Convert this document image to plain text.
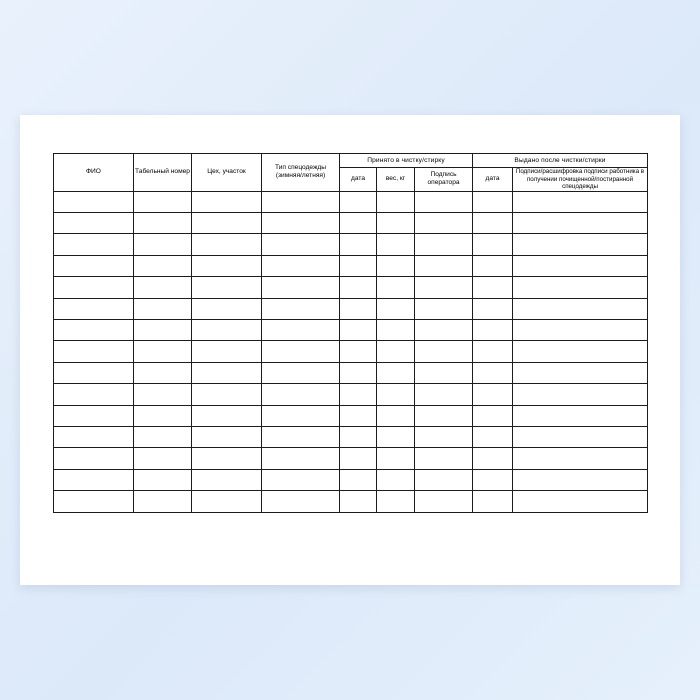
ФИО	Табельный номер	Цех, участок	Тип спецодежды (зимняя/летняя)	Принято в чистку/стирку			Выдано после чистки/стирки	
				дата	вес, кг	Подпись оператора	дата	Подписи/расшифровка подписи работника в получении почищенной/постиранной спецодежды
